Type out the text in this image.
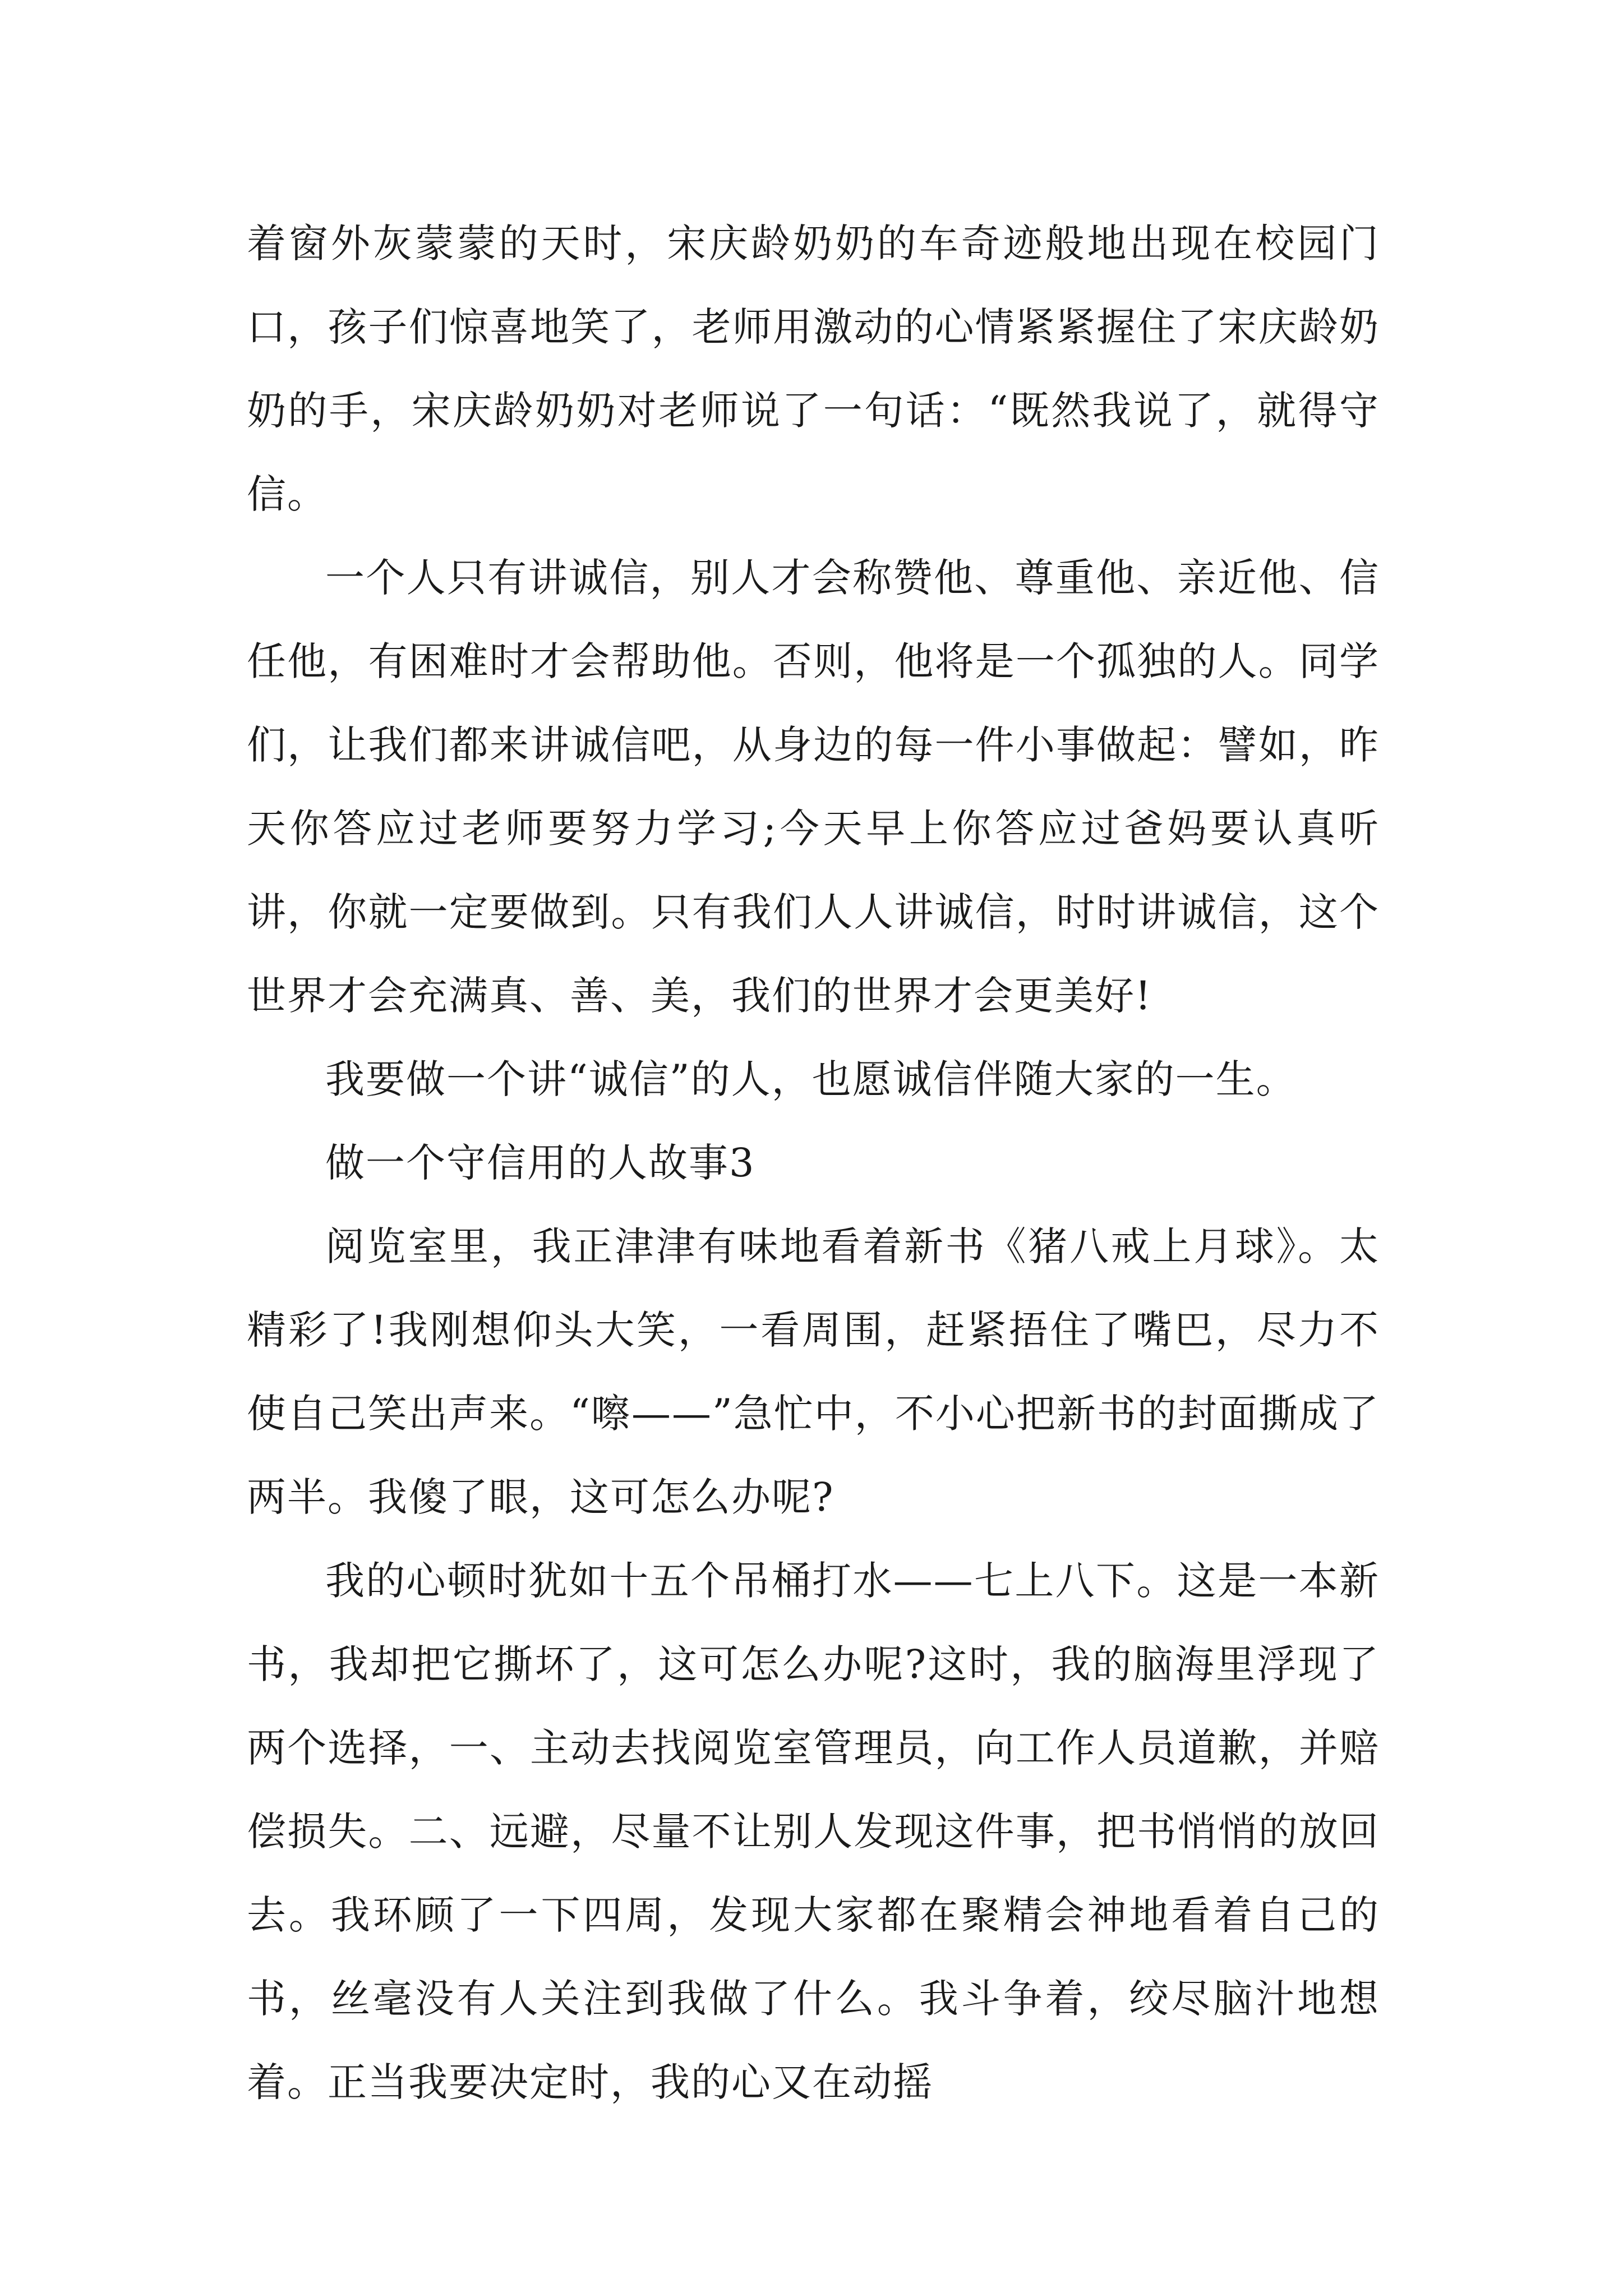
着窗外灰蒙蒙的天时，宋庆龄奶奶的车奇迹般地出现在校园门口，孩子们惊喜地笑了，老师用激动的心情紧紧握住了宋庆龄奶奶的手，宋庆龄奶奶对老师说了一句话：“既然我说了，就得守信。

一个人只有讲诚信，别人才会称赞他、尊重他、亲近他、信任他，有困难时才会帮助他。否则，他将是一个孤独的人。同学们，让我们都来讲诚信吧，从身边的每一件小事做起：譬如，昨天你答应过老师要努力学习;今天早上你答应过爸妈要认真听讲，你就一定要做到。只有我们人人讲诚信，时时讲诚信，这个世界才会充满真、善、美，我们的世界才会更美好!

我要做一个讲“诚信”的人，也愿诚信伴随大家的一生。

做一个守信用的人故事3

阅览室里，我正津津有味地看着新书《猪八戒上月球》。太精彩了!我刚想仰头大笑，一看周围，赶紧捂住了嘴巴，尽力不使自己笑出声来。“嚓——”急忙中，不小心把新书的封面撕成了两半。我傻了眼，这可怎么办呢?

我的心顿时犹如十五个吊桶打水——七上八下。这是一本新书，我却把它撕坏了，这可怎么办呢?这时，我的脑海里浮现了两个选择，一、主动去找阅览室管理员，向工作人员道歉，并赔偿损失。二、远避，尽量不让别人发现这件事，把书悄悄的放回去。我环顾了一下四周，发现大家都在聚精会神地看着自己的书，丝毫没有人关注到我做了什么。我斗争着，绞尽脑汁地想着。正当我要决定时，我的心又在动摇
